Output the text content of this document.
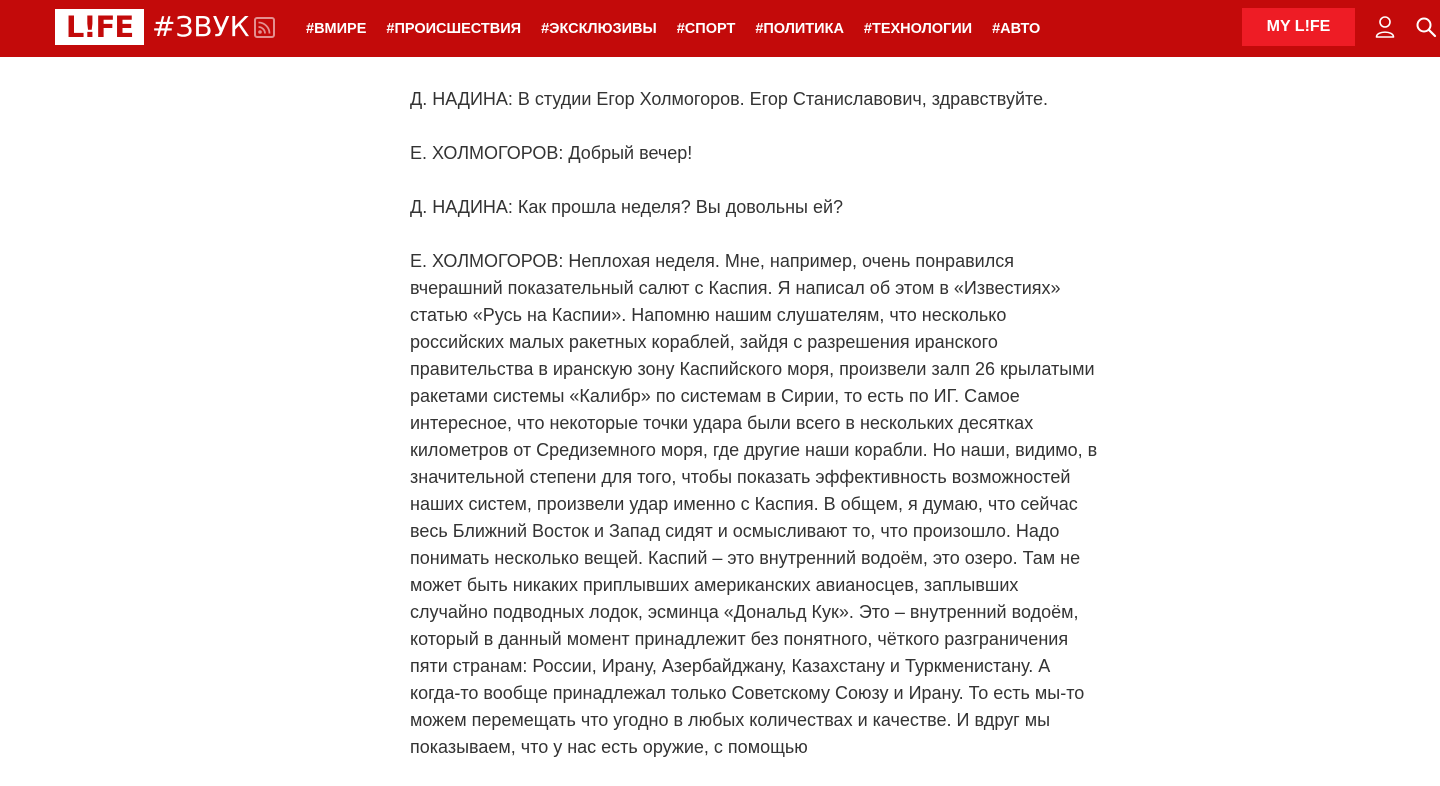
L!FE #ЗВУК	#ВМИРЕ #ПРОИСШЕСТВИЯ #ЭКСКЛЮЗИВЫ #СПОРТ #ПОЛИТИКА #ТЕХНОЛОГИИ #АВТО	MY L!FE

Д. НАДИНА: В студии Егор Холмогоров. Егор Станиславович, здравствуйте.

Е. ХОЛМОГОРОВ: Добрый вечер!

Д. НАДИНА: Как прошла неделя? Вы довольны ей?

Е. ХОЛМОГОРОВ: Неплохая неделя. Мне, например, очень понравился вчерашний показательный салют с Каспия. Я написал об этом в «Известиях» статью «Русь на Каспии». Напомню нашим слушателям, что несколько российских малых ракетных кораблей, зайдя с разрешения иранского правительства в иранскую зону Каспийского моря, произвели залп 26 крылатыми ракетами системы «Калибр» по системам в Сирии, то есть по ИГ. Самое интересное, что некоторые точки удара были всего в нескольких десятках километров от Средиземного моря, где другие наши корабли. Но наши, видимо, в значительной степени для того, чтобы показать эффективность возможностей наших систем, произвели удар именно с Каспия. В общем, я думаю, что сейчас весь Ближний Восток и Запад сидят и осмысливают то, что произошло. Надо понимать несколько вещей. Каспий – это внутренний водоём, это озеро. Там не может быть никаких приплывших американских авианосцев, заплывших случайно подводных лодок, эсминца «Дональд Кук». Это – внутренний водоём, который в данный момент принадлежит без понятного, чёткого разграничения пяти странам: России, Ирану, Азербайджану, Казахстану и Туркменистану. А когда-то вообще принадлежал только Советскому Союзу и Ирану. То есть мы-то можем перемещать что угодно в любых количествах и качестве. И вдруг мы показываем, что у нас есть оружие, с помощью
